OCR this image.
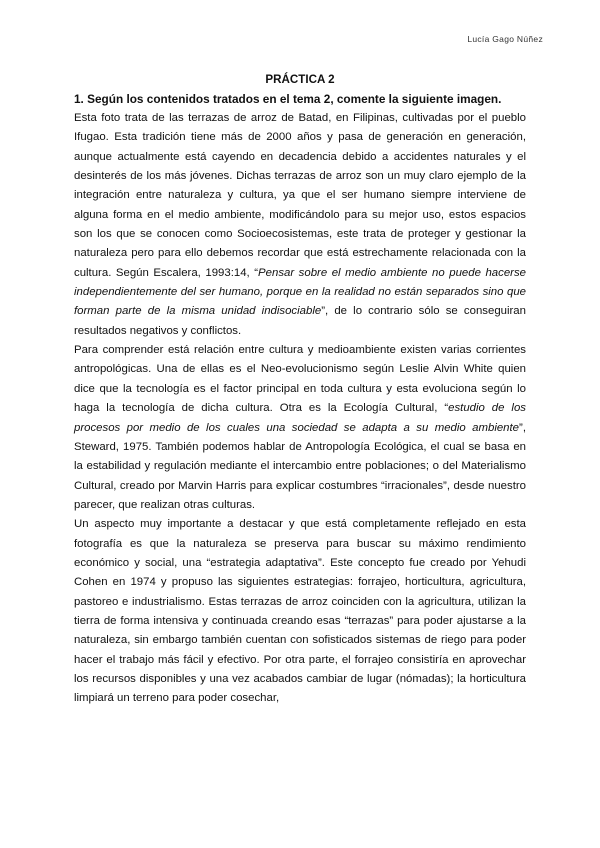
Lucía Gago Núñez
PRÁCTICA 2
1. Según los contenidos tratados en el tema 2, comente la siguiente imagen.

Esta foto trata de las terrazas de arroz de Batad, en Filipinas, cultivadas por el pueblo Ifugao. Esta tradición tiene más de 2000 años y pasa de generación en generación, aunque actualmente está cayendo en decadencia debido a accidentes naturales y el desinterés de los más jóvenes. Dichas terrazas de arroz son un muy claro ejemplo de la integración entre naturaleza y cultura, ya que el ser humano siempre interviene de alguna forma en el medio ambiente, modificándolo para su mejor uso, estos espacios son los que se conocen como Socioecosistemas, este trata de proteger y gestionar la naturaleza pero para ello debemos recordar que está estrechamente relacionada con la cultura. Según Escalera, 1993:14, “Pensar sobre el medio ambiente no puede hacerse independientemente del ser humano, porque en la realidad no están separados sino que forman parte de la misma unidad indisociable”, de lo contrario sólo se conseguiran resultados negativos y conflictos.

Para comprender está relación entre cultura y medioambiente existen varias corrientes antropológicas. Una de ellas es el Neo-evolucionismo según Leslie Alvin White quien dice que la tecnología es el factor principal en toda cultura y esta evoluciona según lo haga la tecnología de dicha cultura. Otra es la Ecología Cultural, “estudio de los procesos por medio de los cuales una sociedad se adapta a su medio ambiente”, Steward, 1975. También podemos hablar de Antropología Ecológica, el cual se basa en la estabilidad y regulación mediante el intercambio entre poblaciones; o del Materialismo Cultural, creado por Marvin Harris para explicar costumbres “irracionales”, desde nuestro parecer, que realizan otras culturas.

Un aspecto muy importante a destacar y que está completamente reflejado en esta fotografía es que la naturaleza se preserva para buscar su máximo rendimiento económico y social, una “estrategia adaptativa”. Este concepto fue creado por Yehudi Cohen en 1974 y propuso las siguientes estrategias: forrajeo, horticultura, agricultura, pastoreo e industrialismo. Estas terrazas de arroz coinciden con la agricultura, utilizan la tierra de forma intensiva y continuada creando esas “terrazas” para poder ajustarse a la naturaleza, sin embargo también cuentan con sofisticados sistemas de riego para poder hacer el trabajo más fácil y efectivo. Por otra parte, el forrajeo consistiría en aprovechar los recursos disponibles y una vez acabados cambiar de lugar (nómadas); la horticultura limpiará un terreno para poder cosechar,
